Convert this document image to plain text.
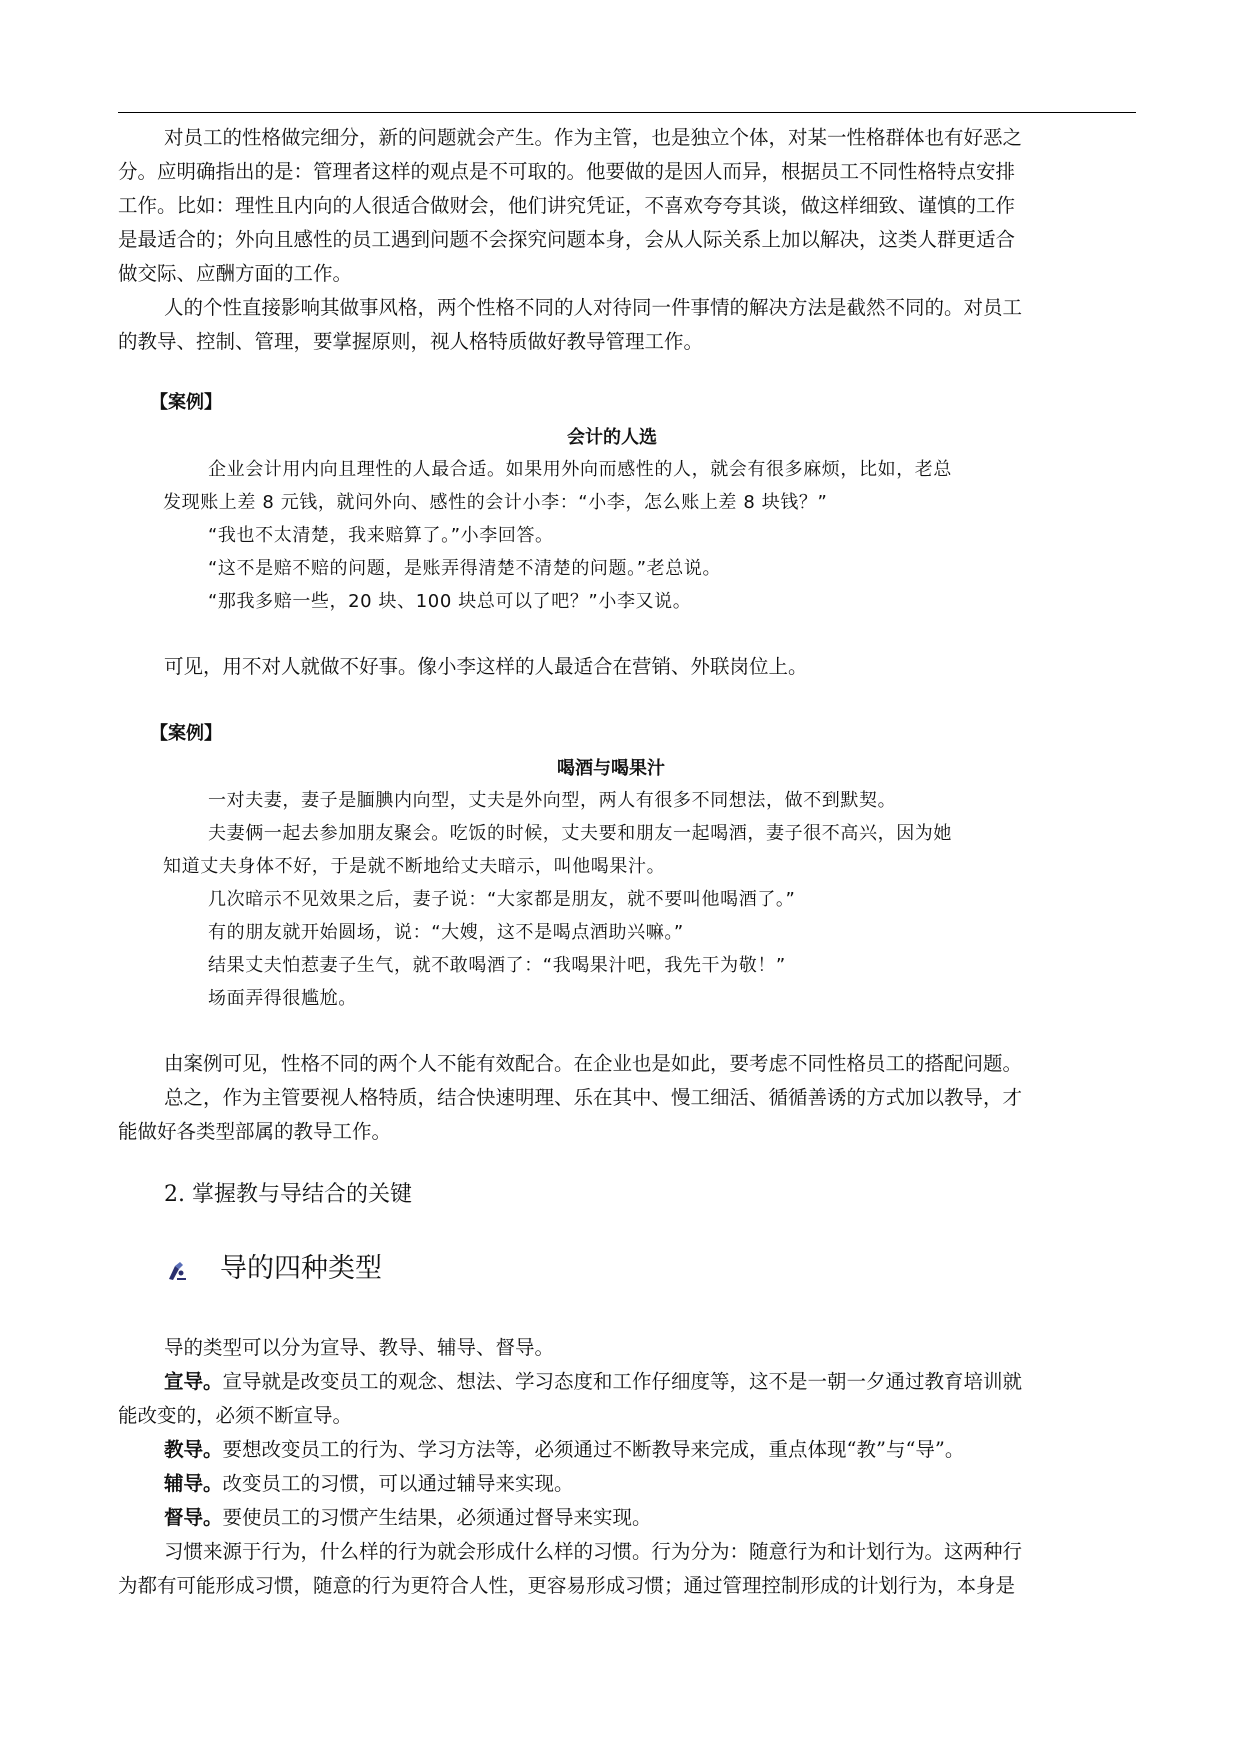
对员工的性格做完细分，新的问题就会产生。作为主管，也是独立个体，对某一性格群体也有好恶之
分。应明确指出的是：管理者这样的观点是不可取的。他要做的是因人而异，根据员工不同性格特点安排
工作。比如：理性且内向的人很适合做财会，他们讲究凭证，不喜欢夸夸其谈，做这样细致、谨慎的工作
是最适合的；外向且感性的员工遇到问题不会探究问题本身，会从人际关系上加以解决，这类人群更适合
做交际、应酬方面的工作。
人的个性直接影响其做事风格，两个性格不同的人对待同一件事情的解决方法是截然不同的。对员工
的教导、控制、管理，要掌握原则，视人格特质做好教导管理工作。
【案例】
会计的人选
企业会计用内向且理性的人最合适。如果用外向而感性的人，就会有很多麻烦，比如，老总
发现账上差 8 元钱，就问外向、感性的会计小李：“小李，怎么账上差 8 块钱？”
“我也不太清楚，我来赔算了。”小李回答。
“这不是赔不赔的问题，是账弄得清楚不清楚的问题。”老总说。
“那我多赔一些，20 块、100 块总可以了吧？”小李又说。
可见，用不对人就做不好事。像小李这样的人最适合在营销、外联岗位上。
【案例】
喝酒与喝果汁
一对夫妻，妻子是腼腆内向型，丈夫是外向型，两人有很多不同想法，做不到默契。
夫妻俩一起去参加朋友聚会。吃饭的时候，丈夫要和朋友一起喝酒，妻子很不高兴，因为她
知道丈夫身体不好，于是就不断地给丈夫暗示，叫他喝果汁。
几次暗示不见效果之后，妻子说：“大家都是朋友，就不要叫他喝酒了。”
有的朋友就开始圆场，说：“大嫂，这不是喝点酒助兴嘛。”
结果丈夫怕惹妻子生气，就不敢喝酒了：“我喝果汁吧，我先干为敬！”
场面弄得很尴尬。
由案例可见，性格不同的两个人不能有效配合。在企业也是如此，要考虑不同性格员工的搭配问题。
总之，作为主管要视人格特质，结合快速明理、乐在其中、慢工细活、循循善诱的方式加以教导，才
能做好各类型部属的教导工作。
2. 掌握教与导结合的关键
导的四种类型
导的类型可以分为宣导、教导、辅导、督导。
宣导。宣导就是改变员工的观念、想法、学习态度和工作仔细度等，这不是一朝一夕通过教育培训就
能改变的，必须不断宣导。
教导。要想改变员工的行为、学习方法等，必须通过不断教导来完成，重点体现“教”与“导”。
辅导。改变员工的习惯，可以通过辅导来实现。
督导。要使员工的习惯产生结果，必须通过督导来实现。
习惯来源于行为，什么样的行为就会形成什么样的习惯。行为分为：随意行为和计划行为。这两种行
为都有可能形成习惯，随意的行为更符合人性，更容易形成习惯；通过管理控制形成的计划行为，本身是
